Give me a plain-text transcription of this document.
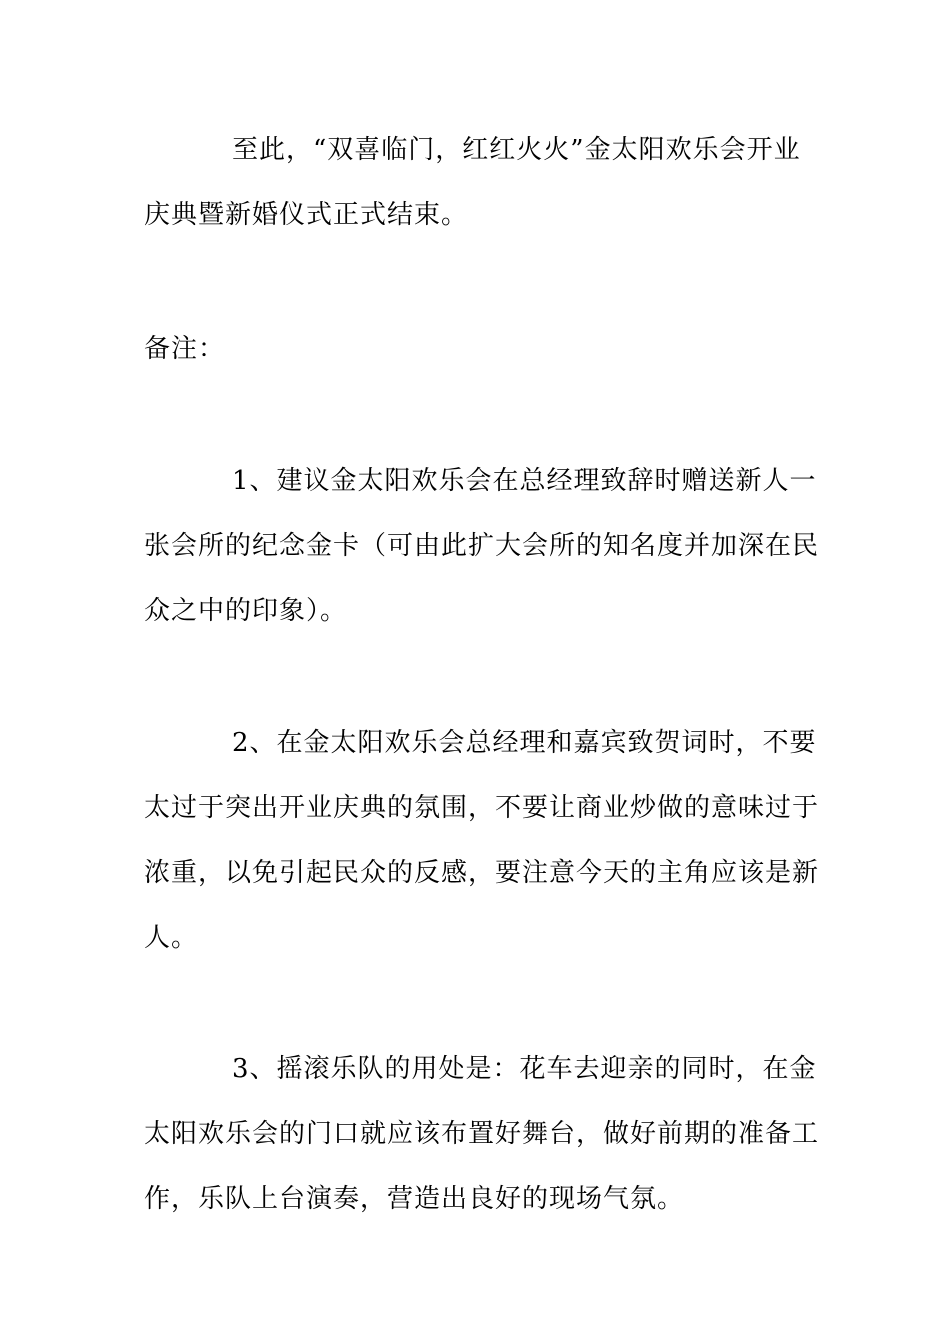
至此，“双喜临门，红红火火”金太阳欢乐会开业
庆典暨新婚仪式正式结束。
备注：
1、建议金太阳欢乐会在总经理致辞时赠送新人一
张会所的纪念金卡（可由此扩大会所的知名度并加深在民
众之中的印象）。
2、在金太阳欢乐会总经理和嘉宾致贺词时，不要
太过于突出开业庆典的氛围，不要让商业炒做的意味过于
浓重，以免引起民众的反感，要注意今天的主角应该是新
人。
3、摇滚乐队的用处是：花车去迎亲的同时，在金
太阳欢乐会的门口就应该布置好舞台，做好前期的准备工
作，乐队上台演奏，营造出良好的现场气氛。
